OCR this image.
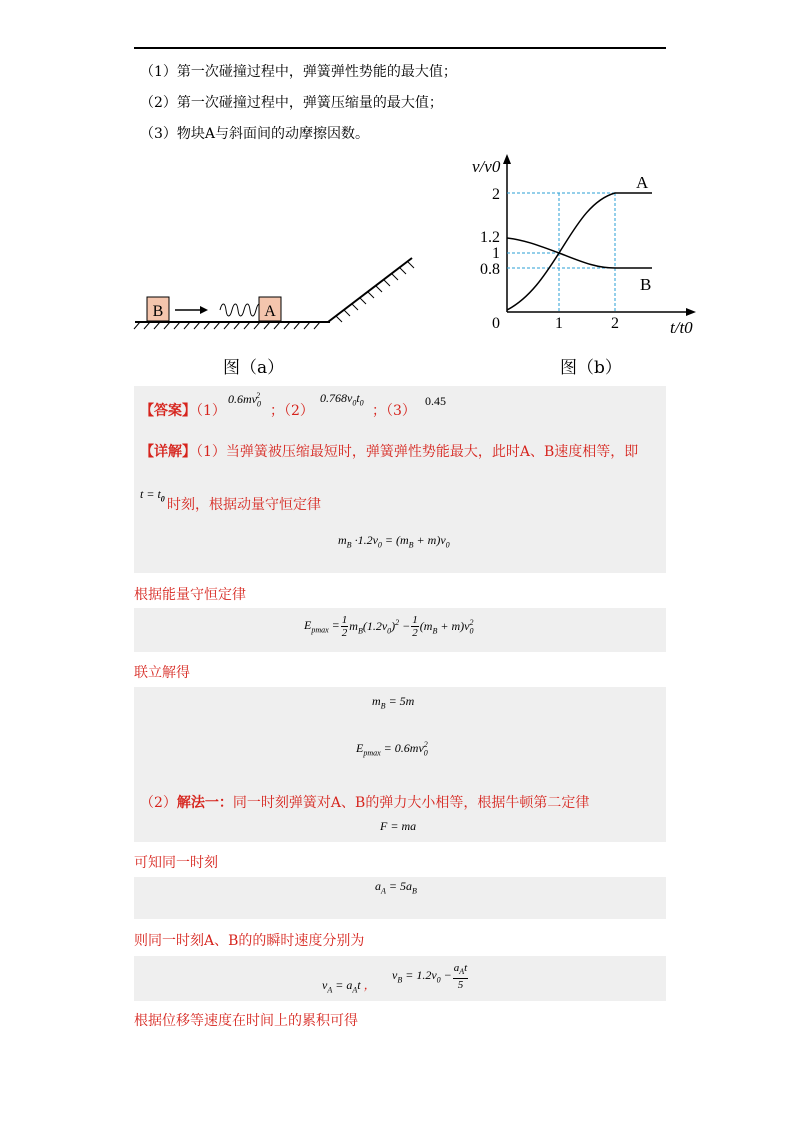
（1）第一次碰撞过程中，弹簧弹性势能的最大值；
（2）第一次碰撞过程中，弹簧压缩量的最大值；
（3）物块A与斜面间的动摩擦因数。
B	A
图（a）
v/v0
t/t0
A
B
2
1.2
1
0.8
0	1	2
图（b）
【答案】（1）
$0.6mv_0^2$
；（2）
$0.768v_0t_0$
；（3）
0.45
【详解】（1）当弹簧被压缩最短时，弹簧弹性势能最大，此时A、B速度相等，即
$t = t_0$ 时刻，根据动量守恒定律
$m_B \cdot 1.2v_0 = (m_B + m)v_0$
根据能量守恒定律
$E_{pmax} = \frac{1}{2} m_B(1.2v_0)^2 - \frac{1}{2} (m_B + m)v_0^2$
联立解得
$m_B = 5m$
$E_{pmax} = 0.6mv_0^2$
（2）解法一：同一时刻弹簧对A、B的弹力大小相等，根据牛顿第二定律
F = ma
可知同一时刻
$a_A = 5a_B$
则同一时刻A、B的的瞬时速度分别为
$v_A = a_At$ ，
$v_B = 1.2v_0 - \frac{a_At}{5}$
根据位移等速度在时间上的累积可得
